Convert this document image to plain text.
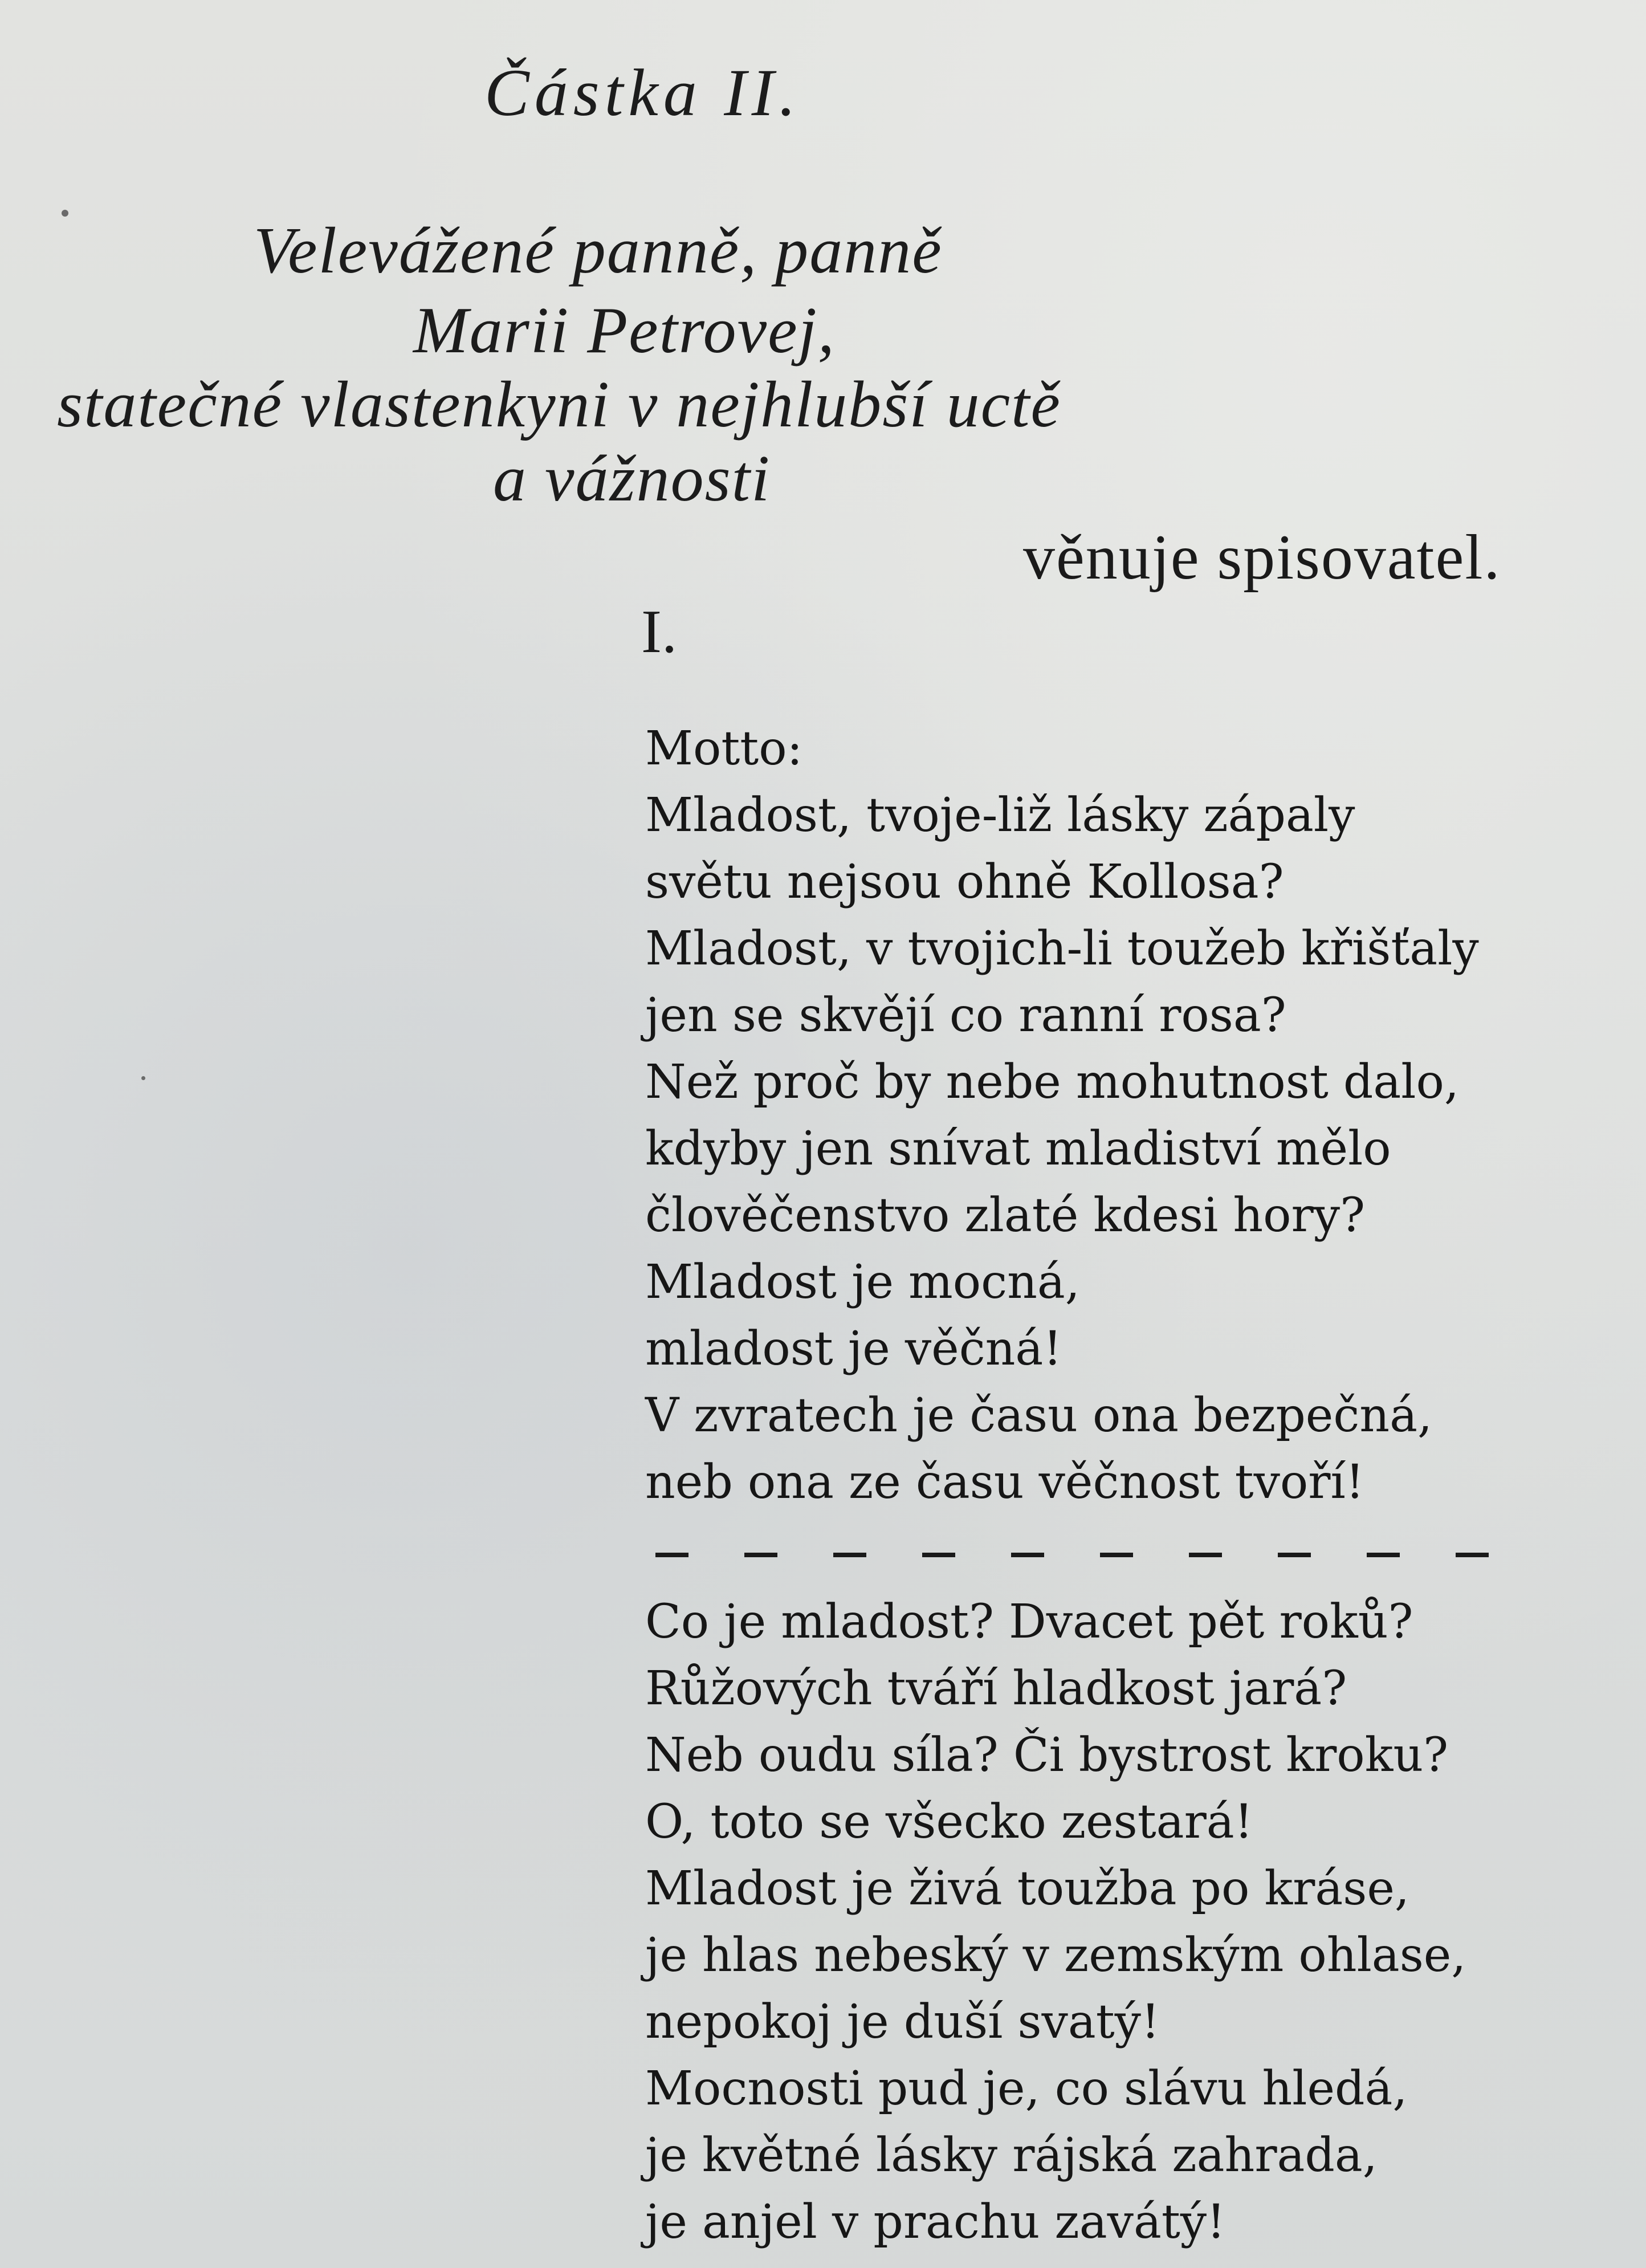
Částka II.
Velevážené panně, panně
Marii Petrovej,
statečné vlastenkyni v nejhlubší uctě
a vážnosti
věnuje spisovatel.
I.
Motto:
Mladost, tvoje-liž lásky zápaly
světu nejsou ohně Kollosa?
Mladost, v tvojich-li toužeb křišťaly
jen se skvějí co ranní rosa?
Než proč by nebe mohutnost dalo,
kdyby jen snívat mladiství mělo
člověčenstvo zlaté kdesi hory?
Mladost je mocná,
mladost je věčná!
V zvratech je času ona bezpečná,
neb ona ze času věčnost tvoří!
Co je mladost? Dvacet pět roků?
Růžových tváří hladkost jará?
Neb oudu síla? Či bystrost kroku?
O, toto se všecko zestará!
Mladost je živá toužba po kráse,
je hlas nebeský v zemským ohlase,
nepokoj je duší svatý!
Mocnosti pud je, co slávu hledá,
je květné lásky rájská zahrada,
je anjel v prachu zavátý!
